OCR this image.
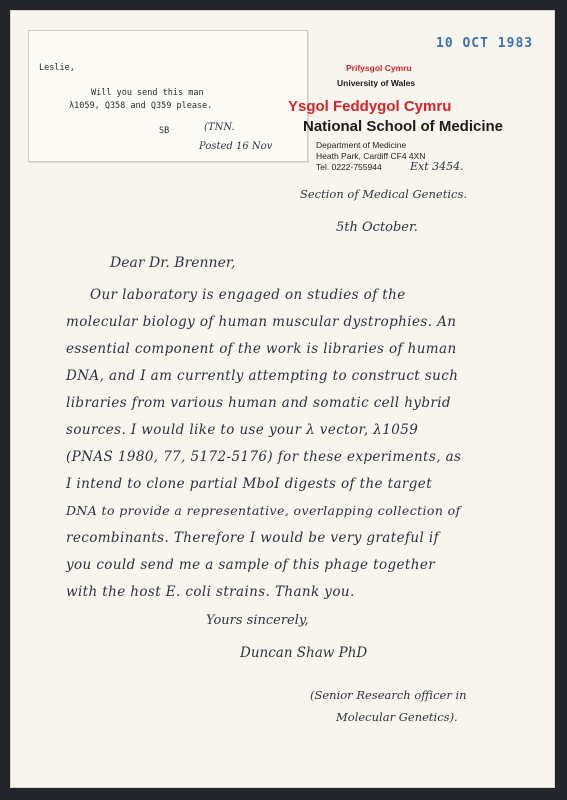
Leslie,
Will you send this man
λ1059, Q358 and Q359 please.
SB	(TNN.
Posted 16 Nov
10 OCT 1983
Prifysgol Cymru
University of Wales
Ysgol Feddygol Cymru
National School of Medicine
Department of Medicine
Heath Park, Cardiff CF4 4XN
Tel. 0222-755944	Ext 3454.
Section of Medical Genetics.
5th October.
Dear Dr. Brenner,
Our laboratory is engaged on studies of the
molecular biology of human muscular dystrophies. An
essential component of the work is libraries of human
DNA, and I am currently attempting to construct such
libraries from various human and somatic cell hybrid
sources. I would like to use your λ vector, λ1059
(PNAS 1980, 77, 5172-5176) for these experiments, as
I intend to clone partial MboI digests of the target
DNA to provide a representative, overlapping collection of
recombinants. Therefore I would be very grateful if
you could send me a sample of this phage together
with the host E. coli strains. Thank you.
Yours sincerely,
Duncan Shaw PhD
(Senior Research officer in
Molecular Genetics).
